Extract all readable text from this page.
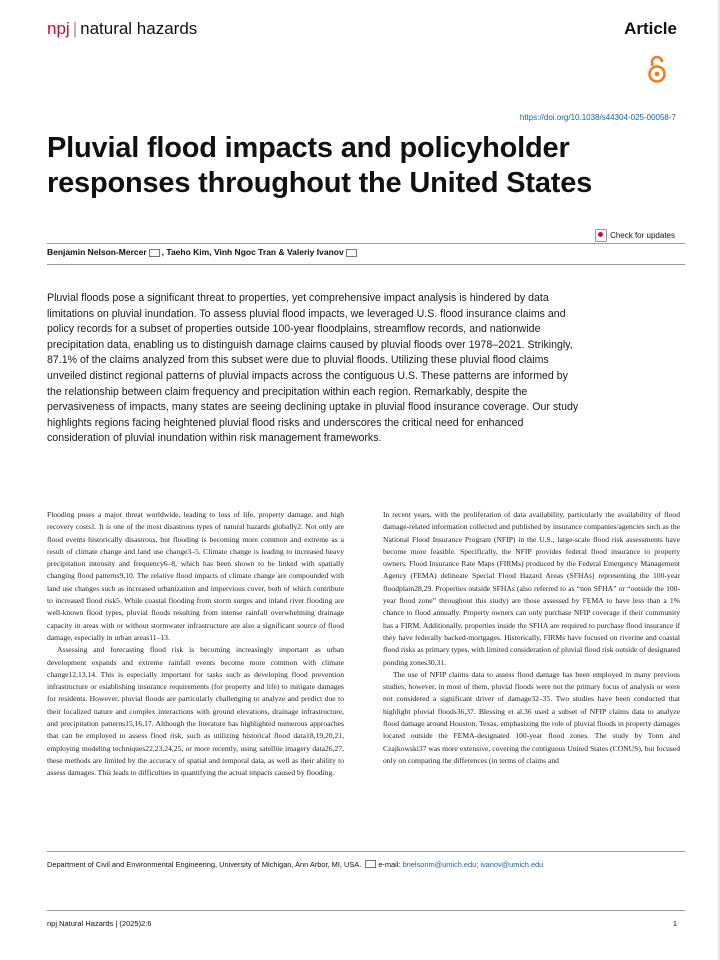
npj | natural hazards	Article
https://doi.org/10.1038/s44304-025-00058-7
Pluvial flood impacts and policyholder responses throughout the United States
Check for updates
Benjamin Nelson-Mercer , Taeho Kim, Vinh Ngoc Tran & Valeriy Ivanov

Pluvial floods pose a significant threat to properties, yet comprehensive impact analysis is hindered by data limitations on pluvial inundation. To assess pluvial flood impacts, we leveraged U.S. flood insurance claims and policy records for a subset of properties outside 100-year floodplains, streamflow records, and nationwide precipitation data, enabling us to distinguish damage claims caused by pluvial floods over 1978–2021. Strikingly, 87.1% of the claims analyzed from this subset were due to pluvial floods. Utilizing these pluvial flood claims unveiled distinct regional patterns of pluvial impacts across the contiguous U.S. These patterns are informed by the relationship between claim frequency and precipitation within each region. Remarkably, despite the pervasiveness of impacts, many states are seeing declining uptake in pluvial flood insurance coverage. Our study highlights regions facing heightened pluvial flood risks and underscores the critical need for enhanced consideration of pluvial inundation within risk management frameworks.

Flooding poses a major threat worldwide, leading to loss of life, property damage, and high recovery costs1. It is one of the most disastrous types of natural hazards globally2. Not only are flood events historically disastrous, but flooding is becoming more common and extreme as a result of climate change and land use change3–5. Climate change is leading to increased heavy precipitation intensity and frequency6–8, which has been shown to be linked with spatially changing flood patterns9,10. The relative flood impacts of climate change are compounded with land use changes such as increased urbanization and impervious cover, both of which contribute to increased flood risk5. While coastal flooding from storm surges and inland river flooding are well-known flood types, pluvial floods resulting from intense rainfall overwhelming drainage capacity in areas with or without stormwater infrastructure are also a significant source of flood damage, especially in urban areas11–13.

Assessing and forecasting flood risk is becoming increasingly important as urban development expands and extreme rainfall events become more common with climate change12,13,14. This is especially important for tasks such as developing flood prevention infrastructure or establishing insurance requirements (for property and life) to mitigate damages for residents. However, pluvial floods are particularly challenging to analyze and predict due to their localized nature and complex interactions with ground elevations, drainage infrastructure, and precipitation patterns15,16,17. Although the literature has highlighted numerous approaches that can be employed to assess flood risk, such as utilizing historical flood data18,19,20,21, employing modeling techniques22,23,24,25, or more recently, using satellite imagery data26,27, these methods are limited by the accuracy of spatial and temporal data, as well as their ability to assess damages. This leads to difficulties in quantifying the actual impacts caused by flooding.

In recent years, with the proliferation of data availability, particularly the availability of flood damage-related information collected and published by insurance companies/agencies such as the National Flood Insurance Program (NFIP) in the U.S., large-scale flood risk assessments have become more feasible. Specifically, the NFIP provides federal flood insurance to property owners. Flood Insurance Rate Maps (FIRMs) produced by the Federal Emergency Management Agency (FEMA) delineate Special Flood Hazard Areas (SFHAs) representing the 100-year floodplain28,29. Properties outside SFHAs (also referred to as “non SFHA” or “outside the 100-year flood zone” throughout this study) are those assessed by FEMA to have less than a 1% chance to flood annually. Property owners can only purchase NFIP coverage if their community has a FIRM. Additionally, properties inside the SFHA are required to purchase flood insurance if they have federally backed-mortgages. Historically, FIRMs have focused on riverine and coastal flood risks as primary types, with limited consideration of pluvial flood risk outside of designated ponding zones30,31.

The use of NFIP claims data to assess flood damage has been employed in many previous studies; however, in most of them, pluvial floods were not the primary focus of analysis or were not considered a significant driver of damage32–35. Two studies have been conducted that highlight pluvial floods36,37. Blessing et al.36 used a subset of NFIP claims data to analyze flood damage around Houston, Texas, emphasizing the role of pluvial floods in property damages located outside the FEMA-designated 100-year flood zones. The study by Tonn and Czajkowski37 was more extensive, covering the contiguous United States (CONUS), but focused only on comparing the differences (in terms of claims and

Department of Civil and Environmental Engineering, University of Michigan, Ann Arbor, MI, USA. e-mail: bnelsonm@umich.edu; ivanov@umich.edu
npj Natural Hazards | (2025)2:6	1
